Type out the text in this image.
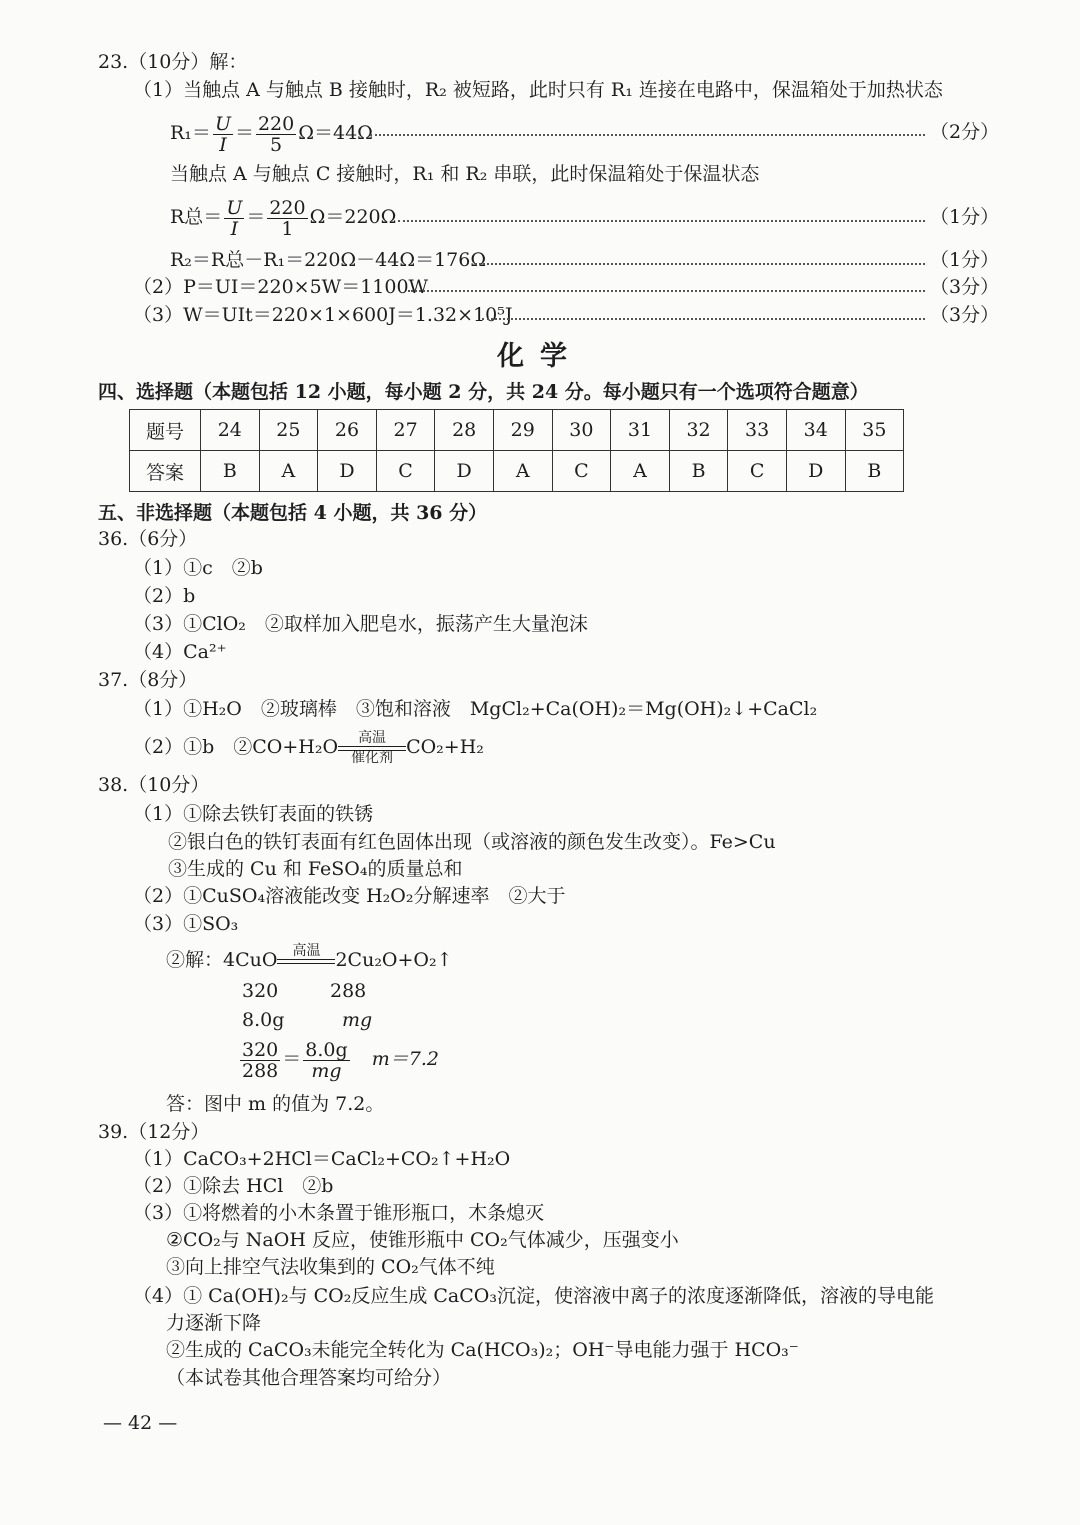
23.（10分）解：
（1）当触点 A 与触点 B 接触时，R₂ 被短路，此时只有 R₁ 连接在电路中，保温箱处于加热状态
$R_1= \frac{U}{I} = \frac{220}{5} \Omega=44\Omega$	（2分）
当触点 A 与触点 C 接触时，R₁ 和 R₂ 串联，此时保温箱处于保温状态
R总＝ $\frac{U}{I} = \frac{220}{1} \Omega=220\Omega$	（1分）
R₂＝R总－R₁＝220Ω－44Ω＝176Ω	（1分）
（2）P＝UI＝220×5W＝1100W	（3分）
（3）W＝UIt＝220×1×600J＝1.32×10⁵J	（3分）
化学
四、选择题（本题包括 12 小题，每小题 2 分，共 24 分。每小题只有一个选项符合题意）
题号	24	25	26	27	28	29	30	31	32	33	34	35
答案	B	A	D	C	D	A	C	A	B	C	D	B
五、非选择题（本题包括 4 小题，共 36 分）
36.（6分）
（1）①c　②b
（2）b
（3）①ClO₂　②取样加入肥皂水，振荡产生大量泡沫
（4）Ca²⁺
37.（8分）
（1）①H₂O　②玻璃棒　③饱和溶液　MgCl₂+Ca(OH)₂＝Mg(OH)₂↓+CaCl₂
（2）①b　②CO+H₂O	高温
催化剂 CO₂+H₂
38.（10分）
（1）①除去铁钉表面的铁锈
②银白色的铁钉表面有红色固体出现（或溶液的颜色发生改变）。Fe>Cu
③生成的 Cu 和 FeSO₄的质量总和
（2）①CuSO₄溶液能改变 H₂O₂分解速率　②大于
（3）①SO₃
②解：4CuO	高温
2Cu₂O+O₂↑
320	288
8.0g	mg
$\frac{320}{288} = \frac{8.0g}{mg} m=7.2$
答：图中 m 的值为 7.2。
39.（12分）
（1）CaCO₃+2HCl＝CaCl₂+CO₂↑+H₂O
（2）①除去 HCl　②b
（3）①将燃着的小木条置于锥形瓶口，木条熄灭
②CO₂与 NaOH 反应，使锥形瓶中 CO₂气体减少，压强变小
③向上排空气法收集到的 CO₂气体不纯
（4）① Ca(OH)₂与 CO₂反应生成 CaCO₃沉淀，使溶液中离子的浓度逐渐降低，溶液的导电能
力逐渐下降
②生成的 CaCO₃未能完全转化为 Ca(HCO₃)₂；OH⁻导电能力强于 HCO₃⁻
（本试卷其他合理答案均可给分）
— 42 —
